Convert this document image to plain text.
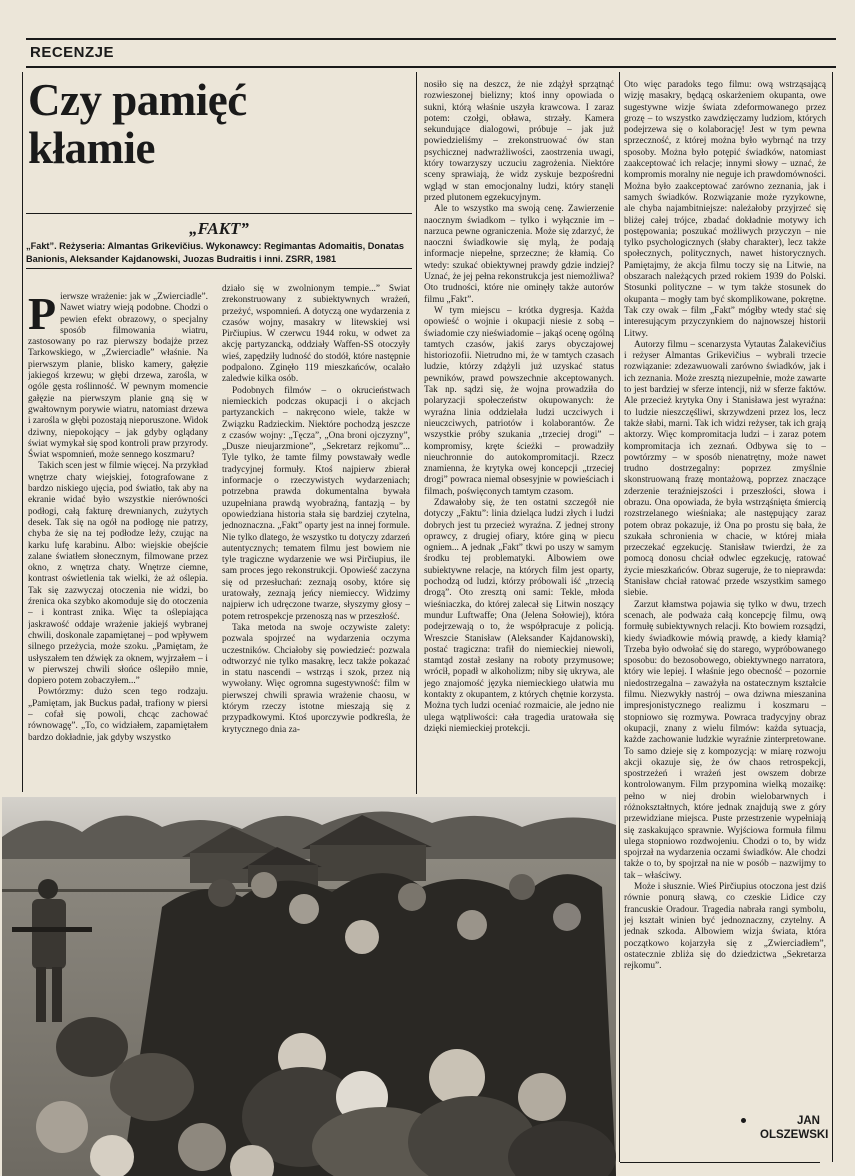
RECENZJE
Czy pamięć
kłamie
„FAKT”
„Fakt”. Reżyseria: Almantas Grikevičius. Wykonawcy: Regimantas Adomaitis, Donatas Banionis, Aleksander Kajdanowski, Juozas Budraitis i inni. ZSRR, 1981

Pierwsze wrażenie: jak w „Zwierciadle”. Nawet wiatry wieją podobne. Chodzi o pewien efekt obrazowy, o specjalny sposób filmowania wiatru, zastosowany po raz pierwszy bodajże przez Tarkowskiego, w „Zwierciadle” właśnie. Na pierwszym planie, blisko kamery, gałęzie jakiegoś krzewu; w głębi drzewa, zarośla, w ogóle gęsta roślinność. W pewnym momencie gałęzie na pierwszym planie gną się w gwałtownym porywie wiatru, natomiast drzewa i zarośla w głębi pozostają nieporuszone. Widok dziwny, niepokojący – jak gdyby oglądany świat wymykał się spod kontroli praw przyrody. Świat wspomnień, może sennego koszmaru?

Takich scen jest w filmie więcej. Na przykład wnętrze chaty wiejskiej, fotografowane z bardzo niskiego ujęcia, pod światło, tak aby na ekranie widać było wszystkie nierówności podłogi, całą fakturę drewnianych, zużytych desek. Tak się na ogół na podłogę nie patrzy, chyba że się na tej podłodze leży, czując na karku lufę karabinu. Albo: wiejskie obejście zalane światłem słonecznym, filmowane przez okno, z wnętrza chaty. Wnętrze ciemne, kontrast oświetlenia tak wielki, że aż oślepia. Tak się zazwyczaj otoczenia nie widzi, bo źrenica oka szybko akomoduje się do otoczenia – i kontrast znika. Więc ta oślepiająca jaskrawość oddaje wrażenie jakiejś wybranej chwili, doskonale zapamiętanej – pod wpływem silnego przeżycia, może szoku. „Pamiętam, że usłyszałem ten dźwięk za oknem, wyjrzałem – i w pierwszej chwili słońce oślepiło mnie, dopiero potem zobaczyłem...”

Powtórzmy: dużo scen tego rodzaju. „Pamiętam, jak Buckus padał, trafiony w piersi – cofał się powoli, chcąc zachować równowagę”. „To, co widziałem, zapamiętałem bardzo dokładnie, jak gdyby wszystko

działo się w zwolnionym tempie...” Świat zrekonstruowany z subiektywnych wrażeń, przeżyć, wspomnień. A dotyczą one wydarzenia z czasów wojny, masakry w litewskiej wsi Pirčiupius. W czerwcu 1944 roku, w odwet za akcję partyzancką, oddziały Waffen-SS otoczyły wieś, zapędziły ludność do stodół, które następnie podpalono. Zginęło 119 mieszkańców, ocalało zaledwie kilka osób.

Podobnych filmów – o okrucieństwach niemieckich podczas okupacji i o akcjach partyzanckich – nakręcono wiele, także w Związku Radzieckim. Niektóre pochodzą jeszcze z czasów wojny: „Tęcza”, „Ona broni ojczyzny”, „Dusze nieujarzmione”, „Sekretarz rejkomu”... Tyle tylko, że tamte filmy powstawały wedle tradycyjnej formuły. Ktoś najpierw zbierał informacje o rzeczywistych wydarzeniach; potrzebna prawda dokumentalna bywała uzupełniana prawdą wyobraźną, fantazją – by opowiedziana historia stała się bardziej czytelna, jednoznaczna. „Fakt” oparty jest na innej formule. Nie tylko dlatego, że wszystko tu dotyczy zdarzeń autentycznych; tematem filmu jest bowiem nie tyle tragiczne wydarzenie we wsi Pirčiupius, ile sam proces jego rekonstrukcji. Opowieść zaczyna się od przesłuchań: zeznają osoby, które się uratowały, zeznają jeńcy niemieccy. Widzimy najpierw ich udręczone twarze, słyszymy głosy – potem retrospekcje przenoszą nas w przeszłość.

Taka metoda na swoje oczywiste zalety: pozwala spojrzeć na wydarzenia oczyma uczestników. Chciałoby się powiedzieć: pozwala odtworzyć nie tylko masakrę, lecz także pokazać in statu nascendi – wstrząs i szok, przez nią wywołany. Więc ogromna sugestywność: film w pierwszej chwili sprawia wrażenie chaosu, w którym rzeczy istotne mieszają się z przypadkowymi. Ktoś uporczywie podkreśla, że krytycznego dnia za-

nosiło się na deszcz, że nie zdążył sprzątnąć rozwieszonej bielizny; ktoś inny opowiada o sukni, którą właśnie uszyła krawcowa. I zaraz potem: czołgi, obława, strzały. Kamera sekundujące dialogowi, próbuje – jak już powiedzieliśmy – zrekonstruować ów stan psychicznej nadwrażliwości, zaostrzenia uwagi, który towarzyszy uczuciu zagrożenia. Niektóre sceny sprawiają, że widz zyskuje bezpośredni wgląd w stan emocjonalny ludzi, który stanęli przed plutonem egzekucyjnym.

Ale to wszystko ma swoją cenę. Zawierzenie naocznym świadkom – tylko i wyłącznie im – narzuca pewne ograniczenia. Może się zdarzyć, że naoczni świadkowie się mylą, że podają informacje niepełne, sprzeczne; że kłamią. Co wtedy: szukać obiektywnej prawdy gdzie indziej? Uznać, że jej pełna rekonstrukcja jest niemożliwa? Oto trudności, które nie ominęły także autorów filmu „Fakt”.

W tym miejscu – krótka dygresja. Każda opowieść o wojnie i okupacji niesie z sobą – świadomie czy nieświadomie – jakąś ocenę ogólną tamtych czasów, jakiś zarys obyczajowej historiozofii. Nietrudno mi, że w tamtych czasach ludzie, którzy zdążyli już uzyskać status pewników, prawd powszechnie akceptowanych. Tak np. sądzi się, że wojna prowadziła do polaryzacji społeczeństw okupowanych: że wyraźna linia oddzielała ludzi uczciwych i nieuczciwych, patriotów i kolaborantów. Że wszystkie próby szukania „trzeciej drogi” – kompromisy, kręte ścieżki – prowadziły nieuchronnie do autokompromitacji. Rzecz znamienna, że krytyka owej koncepcji „trzeciej drogi” powraca niemal obsesyjnie w powieściach i filmach, poświęconych tamtym czasom.

Zdawałoby się, że ten ostatni szczegół nie dotyczy „Faktu”: linia dzieląca ludzi złych i ludzi dobrych jest tu przecież wyraźna. Z jednej strony oprawcy, z drugiej ofiary, które giną w piecu ogniem... A jednak „Fakt” tkwi po uszy w samym środku tej problematyki. Albowiem owe subiektywne relacje, na których film jest oparty, pochodzą od ludzi, którzy próbowali iść „trzecią drogą”. Oto zresztą oni sami: Tekle, młoda wieśniaczka, do której zalecał się Litwin noszący mundur Luftwaffe; Ona (Jelena Sołowiej), która podejrzewają o to, że współpracuje z policją. Wreszcie Stanisław (Aleksander Kajdanowski), postać tragiczna: trafił do niemieckiej niewoli, stamtąd został zesłany na roboty przymusowe; wrócił, popadł w alkoholizm; niby się ukrywa, ale jego znajomość języka niemieckiego ułatwia mu kontakty z okupantem, z których chętnie korzysta. Można tych ludzi oceniać rozmaicie, ale jedno nie ulega wątpliwości: cała tragedia uratowała się dzięki niemieckiej protekcji.

Oto więc paradoks tego filmu: ową wstrząsającą wizję masakry, będącą oskarżeniem okupanta, owe sugestywne wizje świata zdeformowanego przez grozę – to wszystko zawdzięczamy ludziom, których podejrzewa się o kolaborację! Jest w tym pewna sprzeczność, z której można było wybrnąć na trzy sposoby. Można było potępić świadków, natomiast zaakceptować ich relacje; innymi słowy – uznać, że kompromis moralny nie neguje ich prawdomówności. Można było zaakceptować zarówno zeznania, jak i samych świadków. Rozwiązanie może ryzykowne, ale chyba najambitniejsze: należałoby przyjrzeć się bliżej całej trójce, zbadać dokładnie motywy ich postępowania; poszukać możliwych przyczyn – nie tylko psychologicznych (słaby charakter), lecz także społecznych, politycznych, nawet historycznych. Pamiętajmy, że akcja filmu toczy się na Litwie, na obszarach należących przed rokiem 1939 do Polski. Stosunki polityczne – w tym także stosunek do okupanta – mogły tam być skomplikowane, pokrętne. Tak czy owak – film „Fakt” mógłby wtedy stać się interesującym przyczynkiem do najnowszej historii Litwy.

Autorzy filmu – scenarzysta Vytautas Žalakevičius i reżyser Almantas Grikevičius – wybrali trzecie rozwiązanie: zdezawuowali zarówno świadków, jak i ich zeznania. Może zresztą niezupełnie, może zawarte to jest bardziej w sferze intencji, niż w sferze faktów. Ale przecież krytyka Ony i Stanisława jest wyraźna: to ludzie nieszczęśliwi, skrzywdzeni przez los, lecz także słabi, marni. Tak ich widzi reżyser, tak ich grają aktorzy. Więc kompromitacja ludzi – i zaraz potem kompromitacja ich zeznań. Odbywa się to – powtórzmy – w sposób nienatrętny, może nawet trudno dostrzegalny: poprzez zmyślnie skonstruowaną frazę montażową, poprzez znaczące zderzenie teraźniejszości i przeszłości, słowa i obrazu. Ona opowiada, że była wstrząśnięta śmiercią rozstrzelanego wieśniaka; ale następujący zaraz potem obraz pokazuje, iż Ona po prostu się bała, że szukała schronienia w chacie, w której miała przeczekać egzekucję. Stanisław twierdzi, że za pomocą donosu chciał odwlec egzekucję, ratować życie mieszkańców. Obraz sugeruje, że to nieprawda: Stanisław chciał ratować przede wszystkim samego siebie.

Zarzut kłamstwa pojawia się tylko w dwu, trzech scenach, ale podważa całą koncepcję filmu, ową formułę subiektywnych relacji. Kto bowiem rozsądzi, kiedy świadkowie mówią prawdę, a kiedy kłamią? Trzeba było odwołać się do starego, wypróbowanego sposobu: do bezosobowego, obiektywnego narratora, który wie lepiej. I właśnie jego obecność – pozornie niedostrzegalna – zaważyła na ostatecznym kształcie filmu. Niezwykły nastrój – owa dziwna mieszanina impresjonistycznego realizmu i koszmaru – stopniowo się rozmywa. Powraca tradycyjny obraz okupacji, znany z wielu filmów: każda sytuacja, każde zachowanie ludzkie wyraźnie zinterpretowane. To samo dzieje się z kompozycją: w miarę rozwoju akcji okazuje się, że ów chaos retrospekcji, spostrzeżeń i wrażeń jest owszem dobrze kontrolowanym. Film przypomina wielką mozaikę: pełno w niej drobin wielobarwnych i różnokształtnych, które jednak znajdują swe z góry przewidziane miejsca. Puste przestrzenie wypełniają się zaskakująco sprawnie. Wyjściowa formuła filmu ulega stopniowo rozdwojeniu. Chodzi o to, by widz spojrzał na wydarzenia oczami świadków. Ale chodzi także o to, by spojrzał na nie w posób – nazwijmy to tak – właściwy.

Może i słusznie. Wieś Pirčiupius otoczona jest dziś równie ponurą sławą, co czeskie Lidice czy francuskie Oradour. Tragedia nabrała rangi symbolu, jej kształt winien być jednoznaczny, czytelny. A jednak szkoda. Albowiem wizja świata, która początkowo kojarzyła się z „Zwierciadłem”, ostatecznie zbliża się do dziedzictwa „Sekretarza rejkomu”.

JAN
OLSZEWSKI
